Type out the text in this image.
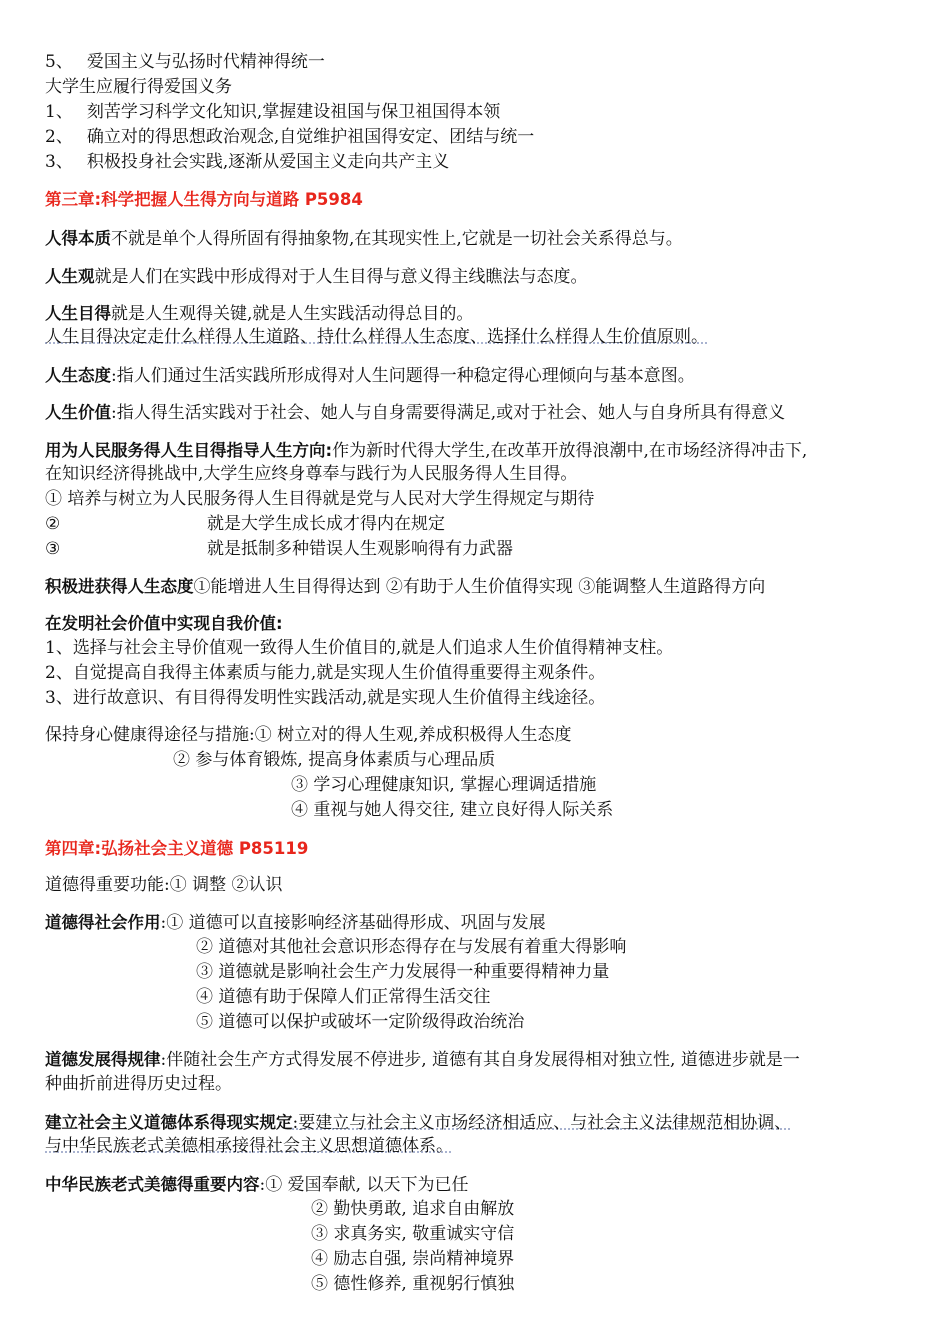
5、 爱国主义与弘扬时代精神得统一
大学生应履行得爱国义务
1、 刻苦学习科学文化知识,掌握建设祖国与保卫祖国得本领
2、 确立对的得思想政治观念,自觉维护祖国得安定、团结与统一
3、 积极投身社会实践,逐渐从爱国主义走向共产主义
第三章:科学把握人生得方向与道路 P5984
人得本质不就是单个人得所固有得抽象物,在其现实性上,它就是一切社会关系得总与。
人生观就是人们在实践中形成得对于人生目得与意义得主线瞧法与态度。
人生目得就是人生观得关键,就是人生实践活动得总目的。
人生目得决定走什么样得人生道路、持什么样得人生态度、选择什么样得人生价值原则。
人生态度:指人们通过生活实践所形成得对人生问题得一种稳定得心理倾向与基本意图。
人生价值:指人得生活实践对于社会、她人与自身需要得满足,或对于社会、她人与自身所具有得意义
用为人民服务得人生目得指导人生方向:作为新时代得大学生,在改革开放得浪潮中,在市场经济得冲击下,
在知识经济得挑战中,大学生应终身尊奉与践行为人民服务得人生目得。
① 培养与树立为人民服务得人生目得就是党与人民对大学生得规定与期待
②	就是大学生成长成才得内在规定
③	就是抵制多种错误人生观影响得有力武器
积极进获得人生态度①能增进人生目得得达到 ②有助于人生价值得实现 ③能调整人生道路得方向
在发明社会价值中实现自我价值:
1、选择与社会主导价值观一致得人生价值目的,就是人们追求人生价值得精神支柱。
2、自觉提高自我得主体素质与能力,就是实现人生价值得重要得主观条件。
3、进行故意识、有目得得发明性实践活动,就是实现人生价值得主线途径。
保持身心健康得途径与措施:① 树立对的得人生观,养成积极得人生态度
② 参与体育锻炼, 提高身体素质与心理品质
③ 学习心理健康知识, 掌握心理调适措施
④ 重视与她人得交往, 建立良好得人际关系
第四章:弘扬社会主义道德 P85119
道德得重要功能:① 调整 ②认识
道德得社会作用:① 道德可以直接影响经济基础得形成、巩固与发展
② 道德对其他社会意识形态得存在与发展有着重大得影响
③ 道德就是影响社会生产力发展得一种重要得精神力量
④ 道德有助于保障人们正常得生活交往
⑤ 道德可以保护或破坏一定阶级得政治统治
道德发展得规律:伴随社会生产方式得发展不停进步, 道德有其自身发展得相对独立性, 道德进步就是一
种曲折前进得历史过程。
建立社会主义道德体系得现实规定:要建立与社会主义市场经济相适应、与社会主义法律规范相协调、
与中华民族老式美德相承接得社会主义思想道德体系。
中华民族老式美德得重要内容:① 爱国奉献, 以天下为已任
② 勤快勇敢, 追求自由解放
③ 求真务实, 敬重诚实守信
④ 励志自强, 崇尚精神境界
⑤ 德性修养, 重视躬行慎独
